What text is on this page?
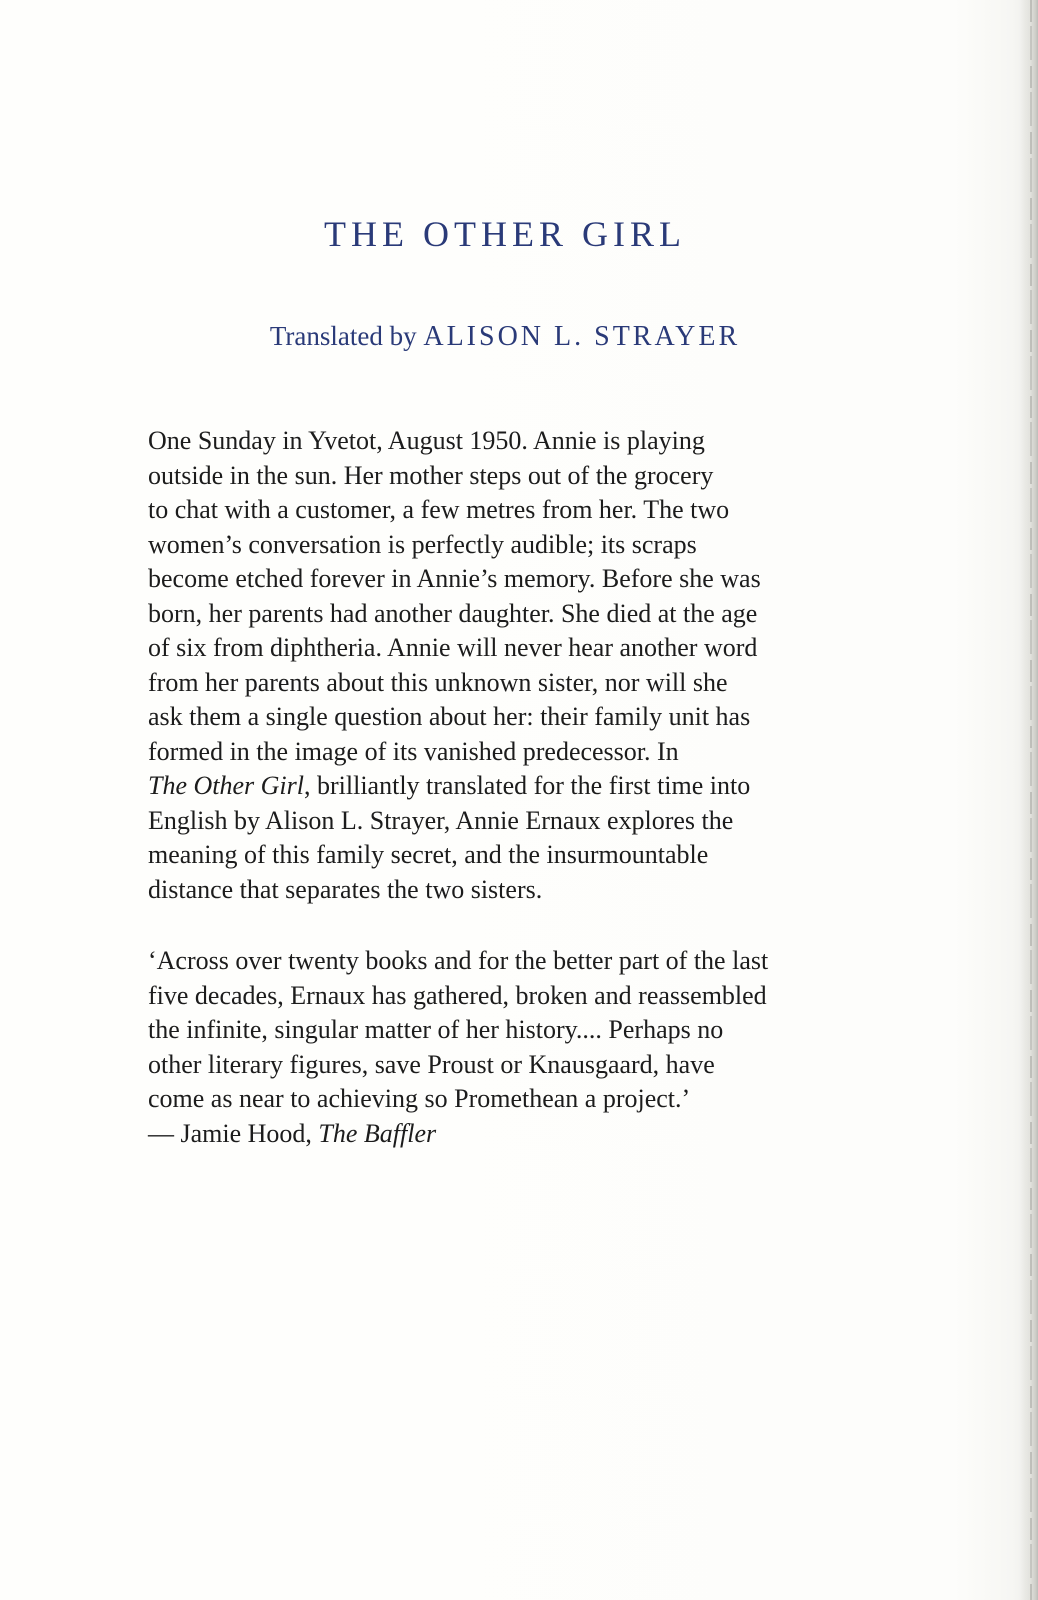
THE OTHER GIRL
Translated by ALISON L. STRAYER
One Sunday in Yvetot, August 1950. Annie is playing
outside in the sun. Her mother steps out of the grocery
to chat with a customer, a few metres from her. The two
women’s conversation is perfectly audible; its scraps
become etched forever in Annie’s memory. Before she was
born, her parents had another daughter. She died at the age
of six from diphtheria. Annie will never hear another word
from her parents about this unknown sister, nor will she
ask them a single question about her: their family unit has
formed in the image of its vanished predecessor. In
The Other Girl, brilliantly translated for the first time into
English by Alison L. Strayer, Annie Ernaux explores the
meaning of this family secret, and the insurmountable
distance that separates the two sisters.
‘Across over twenty books and for the better part of the last
five decades, Ernaux has gathered, broken and reassembled
the infinite, singular matter of her history.... Perhaps no
other literary figures, save Proust or Knausgaard, have
come as near to achieving so Promethean a project.’
— Jamie Hood, The Baffler
